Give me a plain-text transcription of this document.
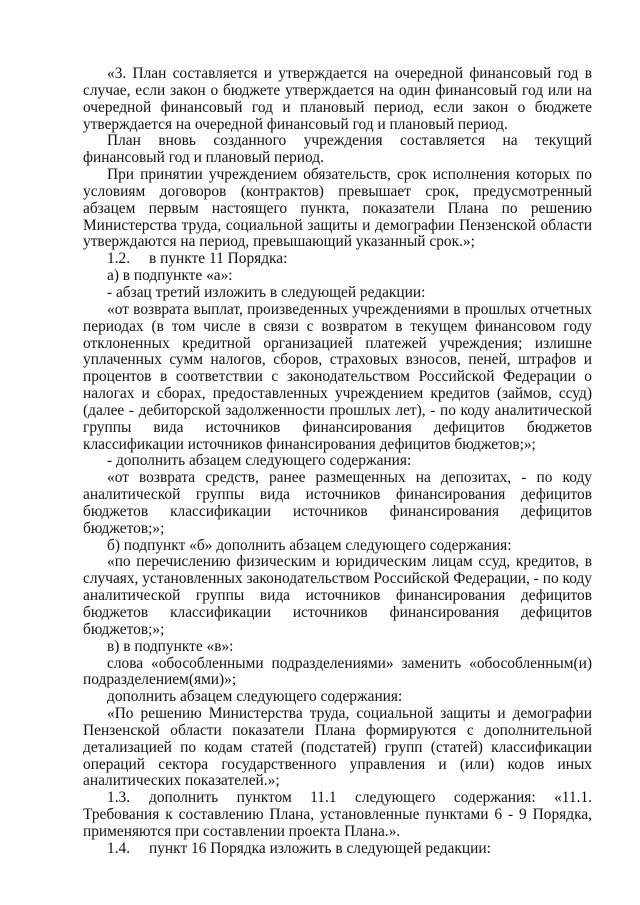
«3. План составляется и утверждается на очередной финансовый год в случае, если закон о бюджете утверждается на один финансовый год или на очередной финансовый год и плановый период, если закон о бюджете утверждается на очередной финансовый год и плановый период.

План вновь созданного учреждения составляется на текущий финансовый год и плановый период.

При принятии учреждением обязательств, срок исполнения которых по условиям договоров (контрактов) превышает срок, предусмотренный абзацем первым настоящего пункта, показатели Плана по решению Министерства труда, социальной защиты и демографии Пензенской области утверждаются на период, превышающий указанный срок.»;

1.2. в пункте 11 Порядка:

а) в подпункте «а»:

- абзац третий изложить в следующей редакции:

«от возврата выплат, произведенных учреждениями в прошлых отчетных периодах (в том числе в связи с возвратом в текущем финансовом году отклоненных кредитной организацией платежей учреждения; излишне уплаченных сумм налогов, сборов, страховых взносов, пеней, штрафов и процентов в соответствии с законодательством Российской Федерации о налогах и сборах, предоставленных учреждением кредитов (займов, ссуд) (далее - дебиторской задолженности прошлых лет), - по коду аналитической группы вида источников финансирования дефицитов бюджетов классификации источников финансирования дефицитов бюджетов;»;

- дополнить абзацем следующего содержания:

«от возврата средств, ранее размещенных на депозитах, - по коду аналитической группы вида источников финансирования дефицитов бюджетов классификации источников финансирования дефицитов бюджетов;»;

б) подпункт «б» дополнить абзацем следующего содержания:

«по перечислению физическим и юридическим лицам ссуд, кредитов, в случаях, установленных законодательством Российской Федерации, - по коду аналитической группы вида источников финансирования дефицитов бюджетов классификации источников финансирования дефицитов бюджетов;»;

в) в подпункте «в»:

слова «обособленными подразделениями» заменить «обособленным(и) подразделением(ями)»;

дополнить абзацем следующего содержания:

«По решению Министерства труда, социальной защиты и демографии Пензенской области показатели Плана формируются с дополнительной детализацией по кодам статей (подстатей) групп (статей) классификации операций сектора государственного управления и (или) кодов иных аналитических показателей.»;

1.3. дополнить пунктом 11.1 следующего содержания: «11.1. Требования к составлению Плана, установленные пунктами 6 - 9 Порядка, применяются при составлении проекта Плана.».

1.4. пункт 16 Порядка изложить в следующей редакции:
